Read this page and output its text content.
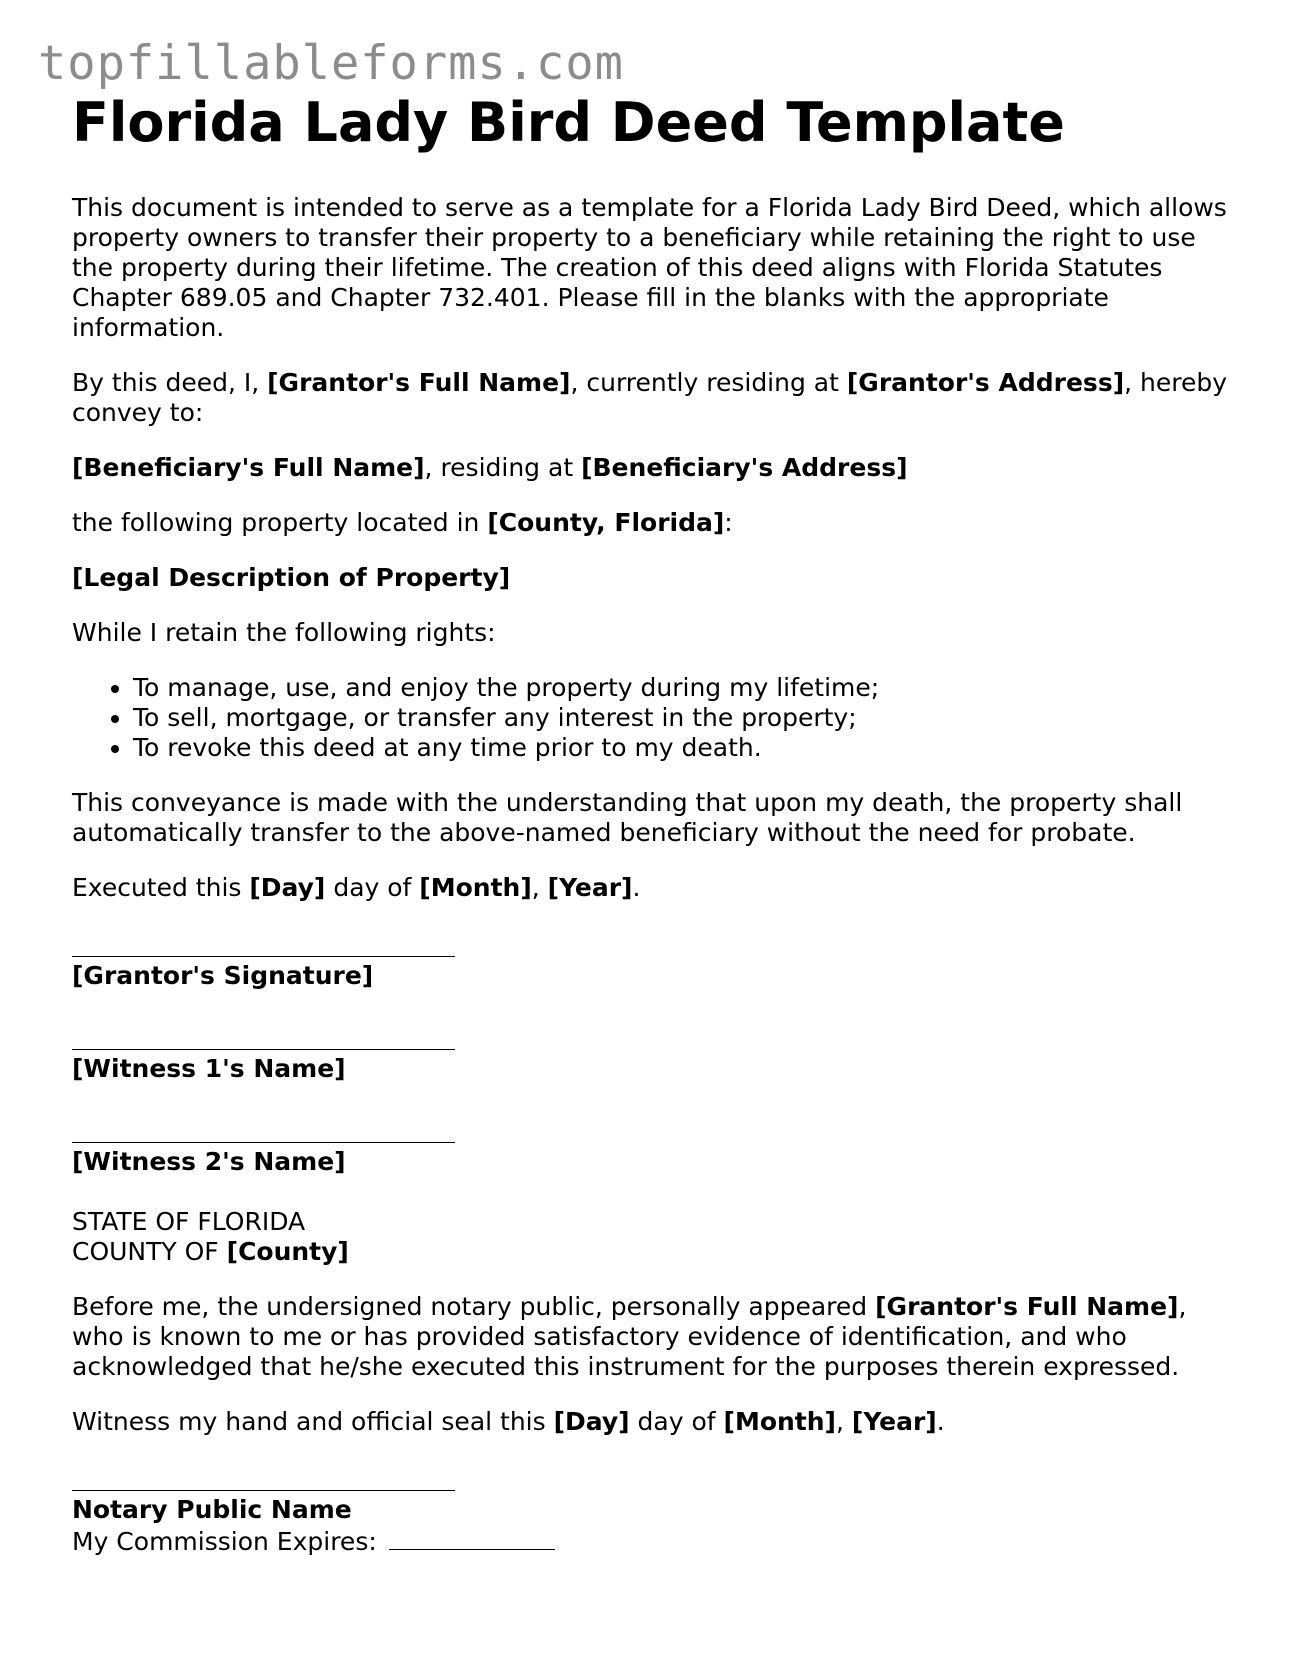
topfillableforms.com
Florida Lady Bird Deed Template

This document is intended to serve as a template for a Florida Lady Bird Deed, which allows property owners to transfer their property to a beneficiary while retaining the right to use the property during their lifetime. The creation of this deed aligns with Florida Statutes Chapter 689.05 and Chapter 732.401. Please fill in the blanks with the appropriate information.

By this deed, I, [Grantor's Full Name], currently residing at [Grantor's Address], hereby convey to:

[Beneficiary's Full Name], residing at [Beneficiary's Address]

the following property located in [County, Florida]:

[Legal Description of Property]

While I retain the following rights:

• To manage, use, and enjoy the property during my lifetime;
• To sell, mortgage, or transfer any interest in the property;
• To revoke this deed at any time prior to my death.

This conveyance is made with the understanding that upon my death, the property shall automatically transfer to the above-named beneficiary without the need for probate.

Executed this [Day] day of [Month], [Year].

[Grantor's Signature]
[Witness 1's Name]
[Witness 2's Name]

STATE OF FLORIDA
COUNTY OF [County]

Before me, the undersigned notary public, personally appeared [Grantor's Full Name], who is known to me or has provided satisfactory evidence of identification, and who acknowledged that he/she executed this instrument for the purposes therein expressed.

Witness my hand and official seal this [Day] day of [Month], [Year].

Notary Public Name
My Commission Expires:
